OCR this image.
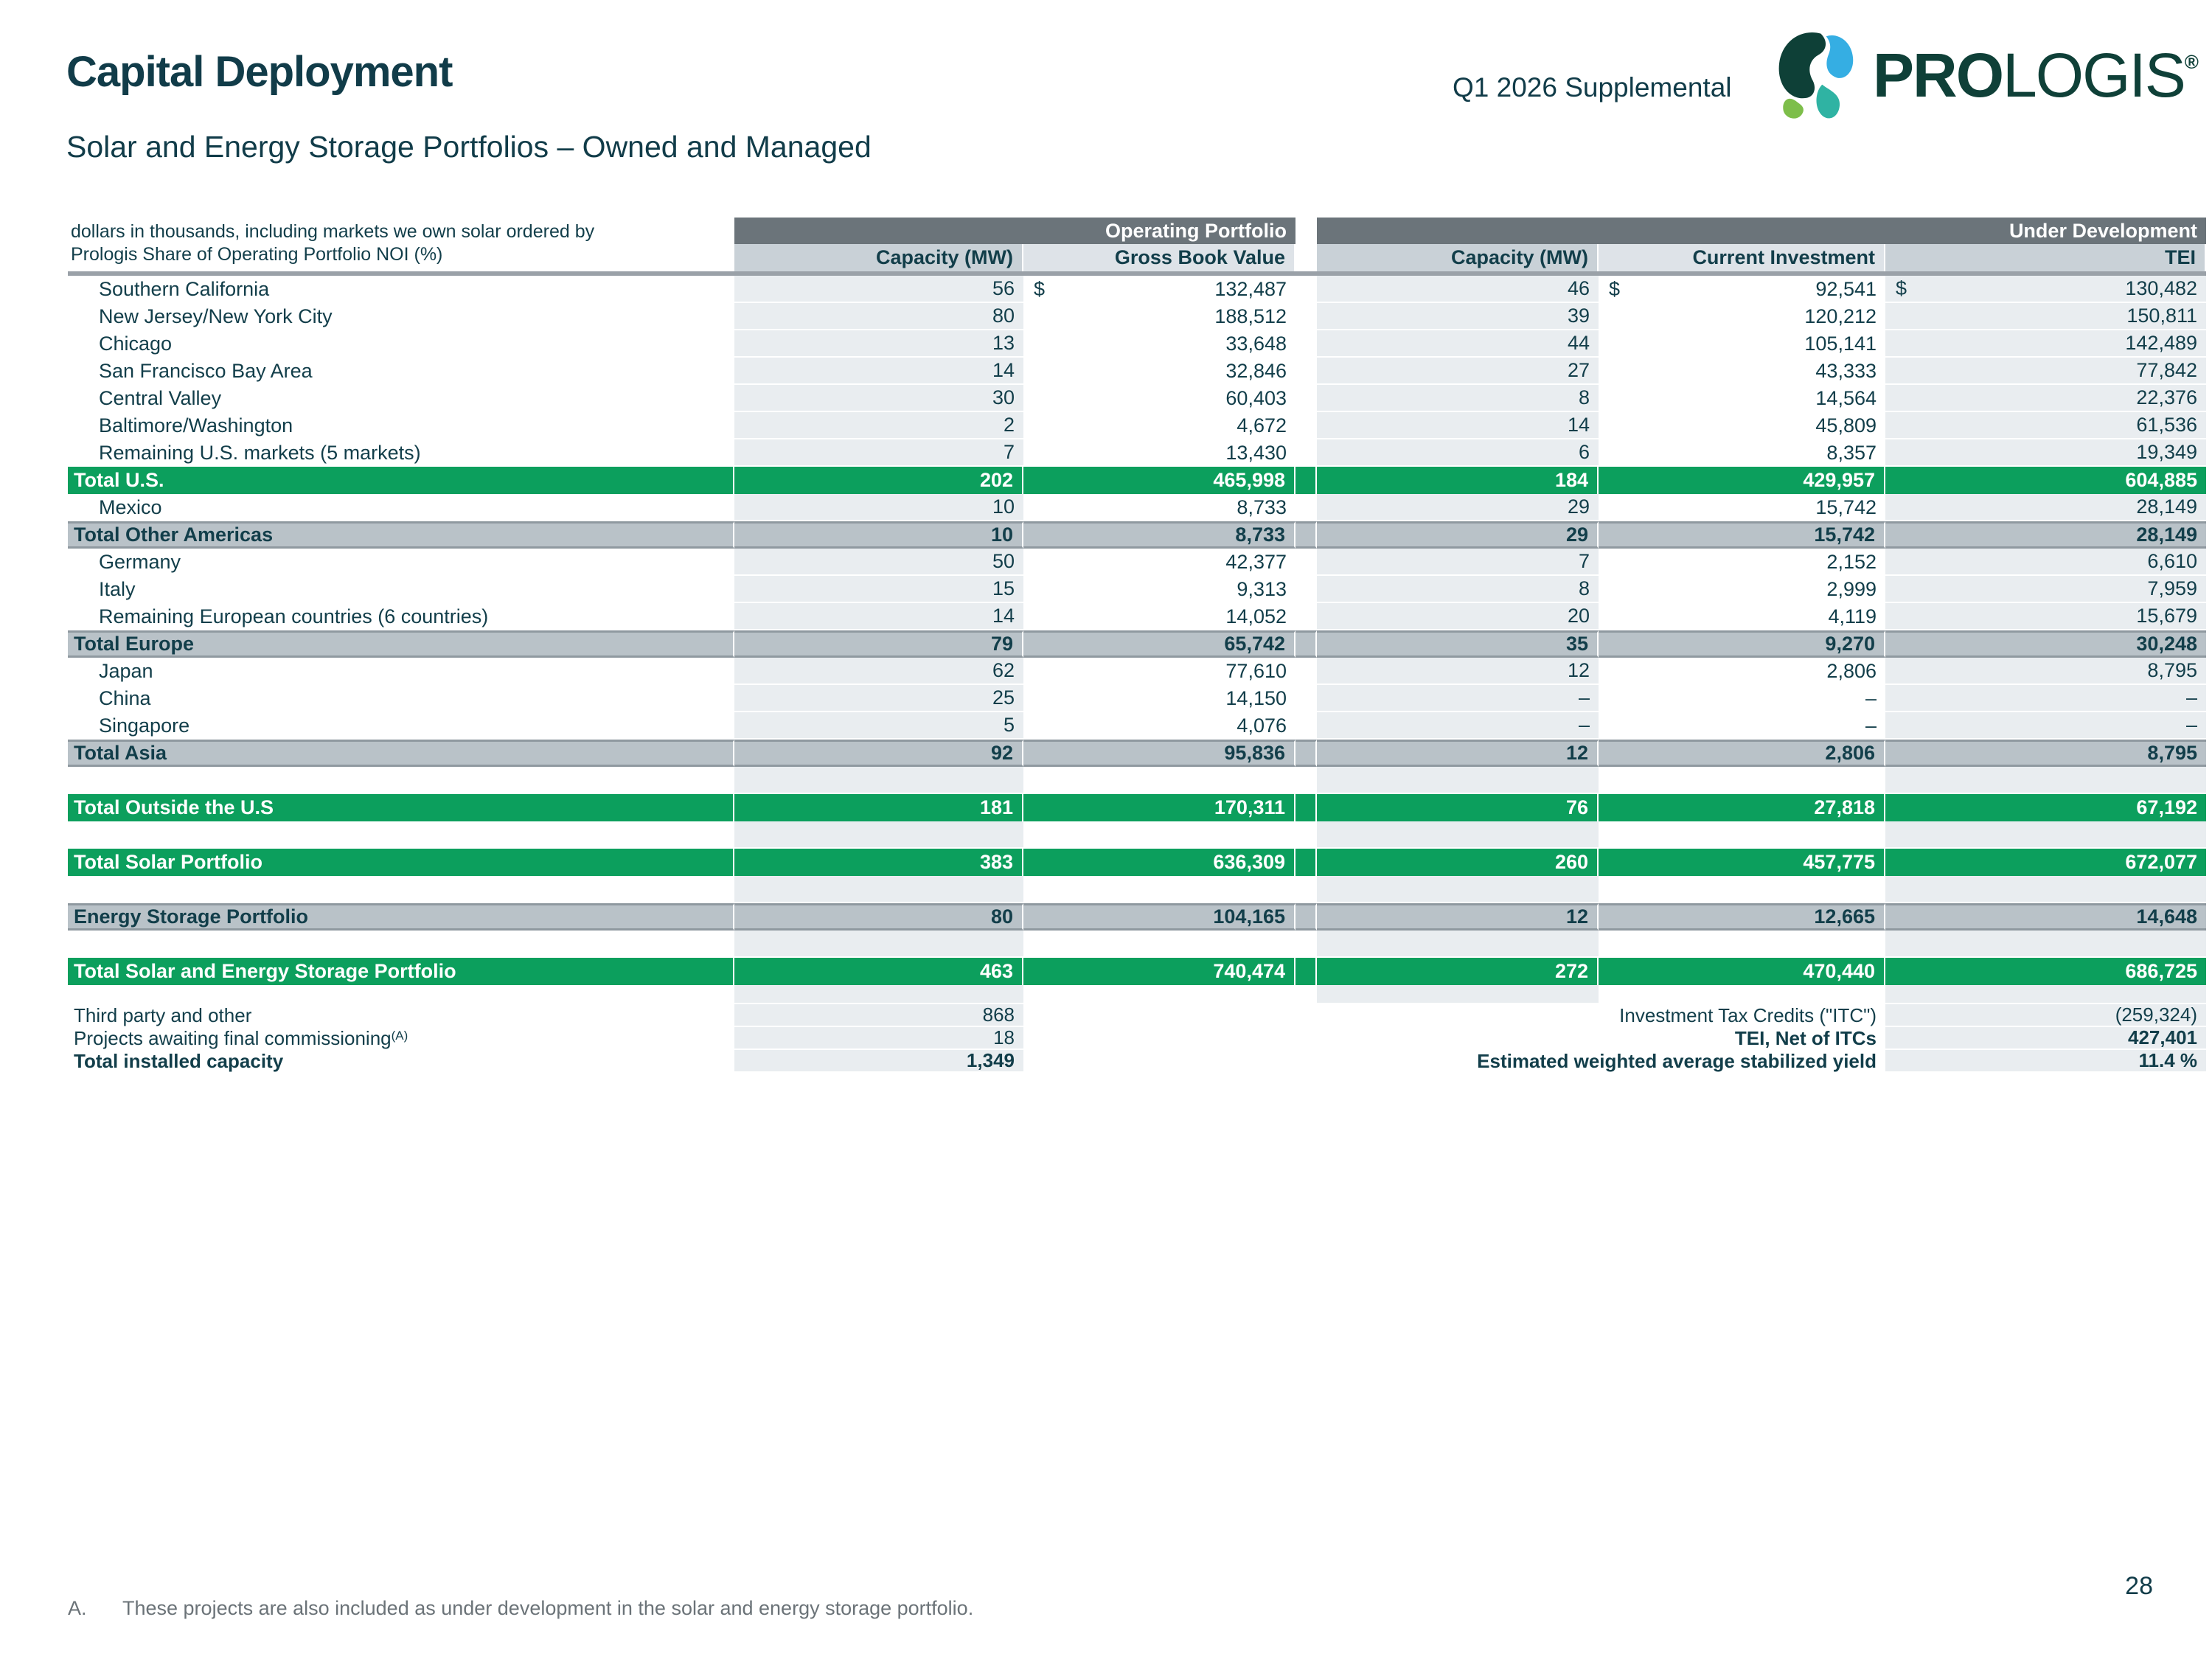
Capital Deployment
Solar and Energy Storage Portfolios – Owned and Managed
Q1 2026 Supplemental PROLOGIS®
dollars in thousands, including markets we own solar ordered by
Prologis Share of Operating Portfolio NOI (%)
Operating Portfolio	Under Development
Capacity (MW)	Gross Book Value	Capacity (MW)	Current Investment	TEI
Southern California	56 $	132,487	46 $	92,541 $	130,482
New Jersey/New York City	80	188,512	39	120,212	150,811
Chicago	13	33,648	44	105,141	142,489
San Francisco Bay Area	14	32,846	27	43,333	77,842
Central Valley	30	60,403	8	14,564	22,376
Baltimore/Washington	2	4,672	14	45,809	61,536
Remaining U.S. markets (5 markets)	7	13,430	6	8,357	19,349
Total U.S.	202	465,998	184	429,957	604,885
Mexico	10	8,733	29	15,742	28,149
Total Other Americas	10	8,733	29	15,742	28,149
Germany	50	42,377	7	2,152	6,610
Italy	15	9,313	8	2,999	7,959
Remaining European countries (6 countries)	14	14,052	20	4,119	15,679
Total Europe	79	65,742	35	9,270	30,248
Japan	62	77,610	12	2,806	8,795
China	25	14,150	–	–	–
Singapore	5	4,076	–	–	–
Total Asia	92	95,836	12	2,806	8,795
Total Outside the U.S	181	170,311	76	27,818	67,192
Total Solar Portfolio	383	636,309	260	457,775	672,077
Energy Storage Portfolio	80	104,165	12	12,665	14,648
Total Solar and Energy Storage Portfolio	463	740,474	272	470,440	686,725
Third party and other	868	Investment Tax Credits ("ITC")	(259,324)
Projects awaiting final commissioning (A)	18	TEI, Net of ITCs	427,401
Total installed capacity	1,349	Estimated weighted average stabilized yield	11.4 %
A.	These projects are also included as under development in the solar and energy storage portfolio.
28
